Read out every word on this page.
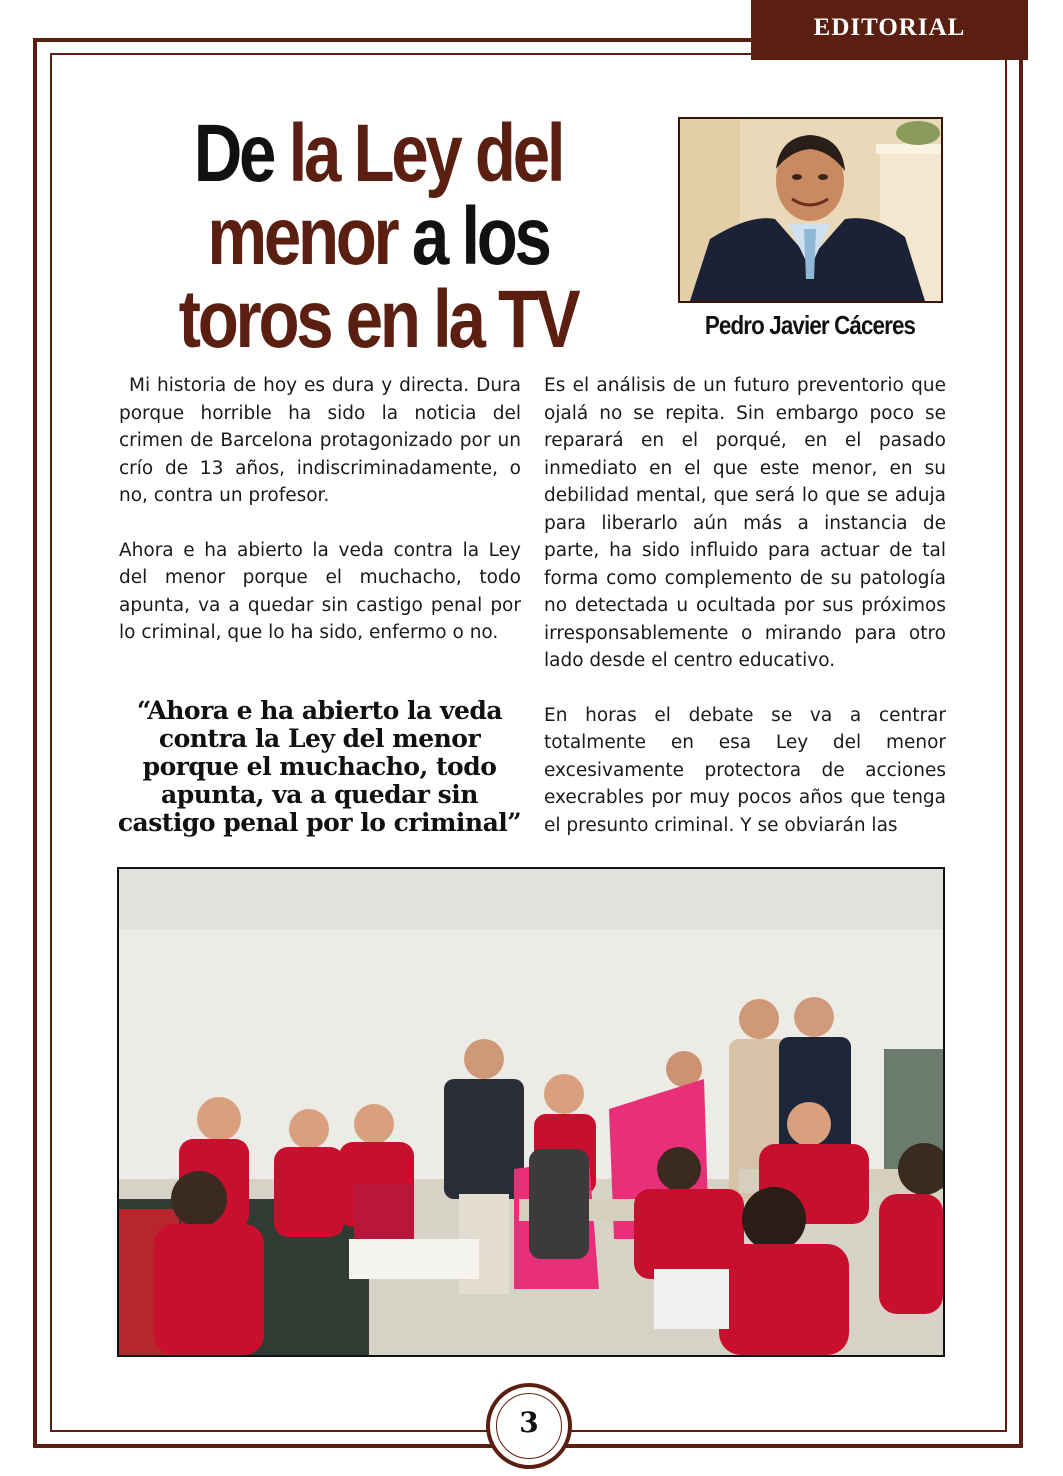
EDITORIAL
De la Ley del
menor a los
toros en la TV	Pedro Javier Cáceres

Mi historia de hoy es dura y directa. Dura porque horrible ha sido la noticia del crimen de Barcelona protagonizado por un crío de 13 años, indiscriminadamente, o no, contra un profesor.

Ahora e ha abierto la veda contra la Ley del menor porque el muchacho, todo apunta, va a quedar sin castigo penal por lo criminal, que lo ha sido, enfermo o no.

“Ahora e ha abierto la veda contra la Ley del menor porque el muchacho, todo apunta, va a quedar sin castigo penal por lo criminal”

Es el análisis de un futuro preventorio que ojalá no se repita. Sin embargo poco se reparará en el porqué, en el pasado inmediato en el que este menor, en su debilidad mental, que será lo que se aduja para liberarlo aún más a instancia de parte, ha sido influido para actuar de tal forma como complemento de su patología no detectada u ocultada por sus próximos irresponsablemente o mirando para otro lado desde el centro educativo.

En horas el debate se va a centrar totalmente en esa Ley del menor excesivamente protectora de acciones execrables por muy pocos años que tenga el presunto criminal. Y se obviarán las

3
